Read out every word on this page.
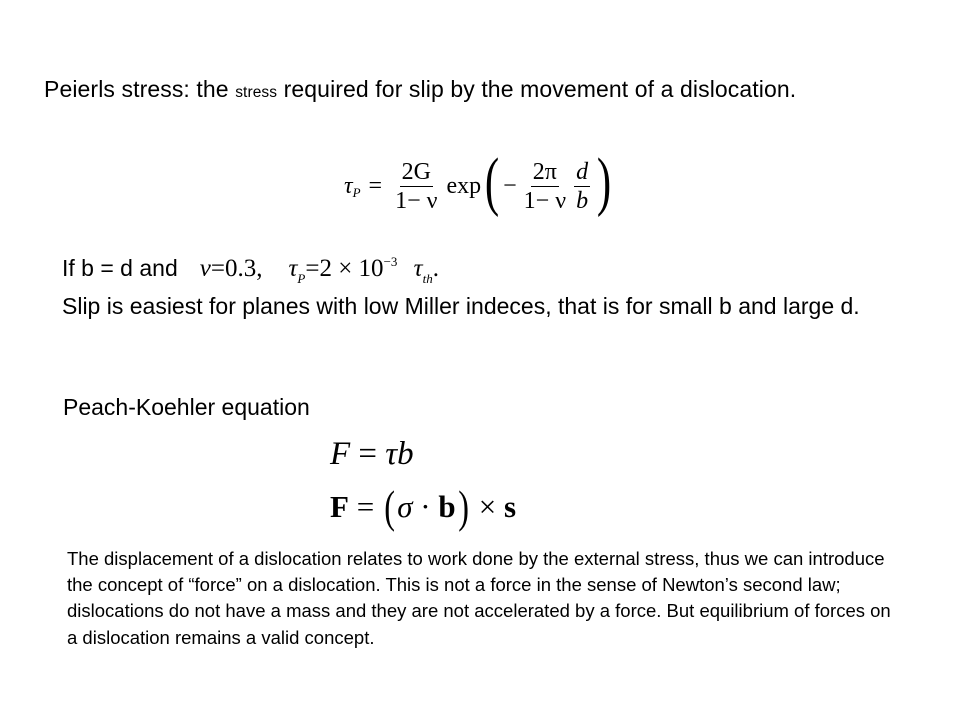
Peierls stress: the stress required for slip by the movement of a dislocation.
τ $P = \frac{2G}{1- \nu}$ exp ( − $\frac{2\pi}{1- \nu} \frac{d}{b}$ )
If b = d and ν=0.3, $\tau_P=2 \times 10^{-3}$ $\tau_{th}$.
Slip is easiest for planes with low Miller indeces, that is for small b and large d.
Peach-Koehler equation
F = τb
F = ( σ · b ) × s
The displacement of a dislocation relates to work done by the external stress, thus we can introduce the concept of “force” on a dislocation. This is not a force in the sense of Newton’s second law; dislocations do not have a mass and they are not accelerated by a force. But equilibrium of forces on a dislocation remains a valid concept.
